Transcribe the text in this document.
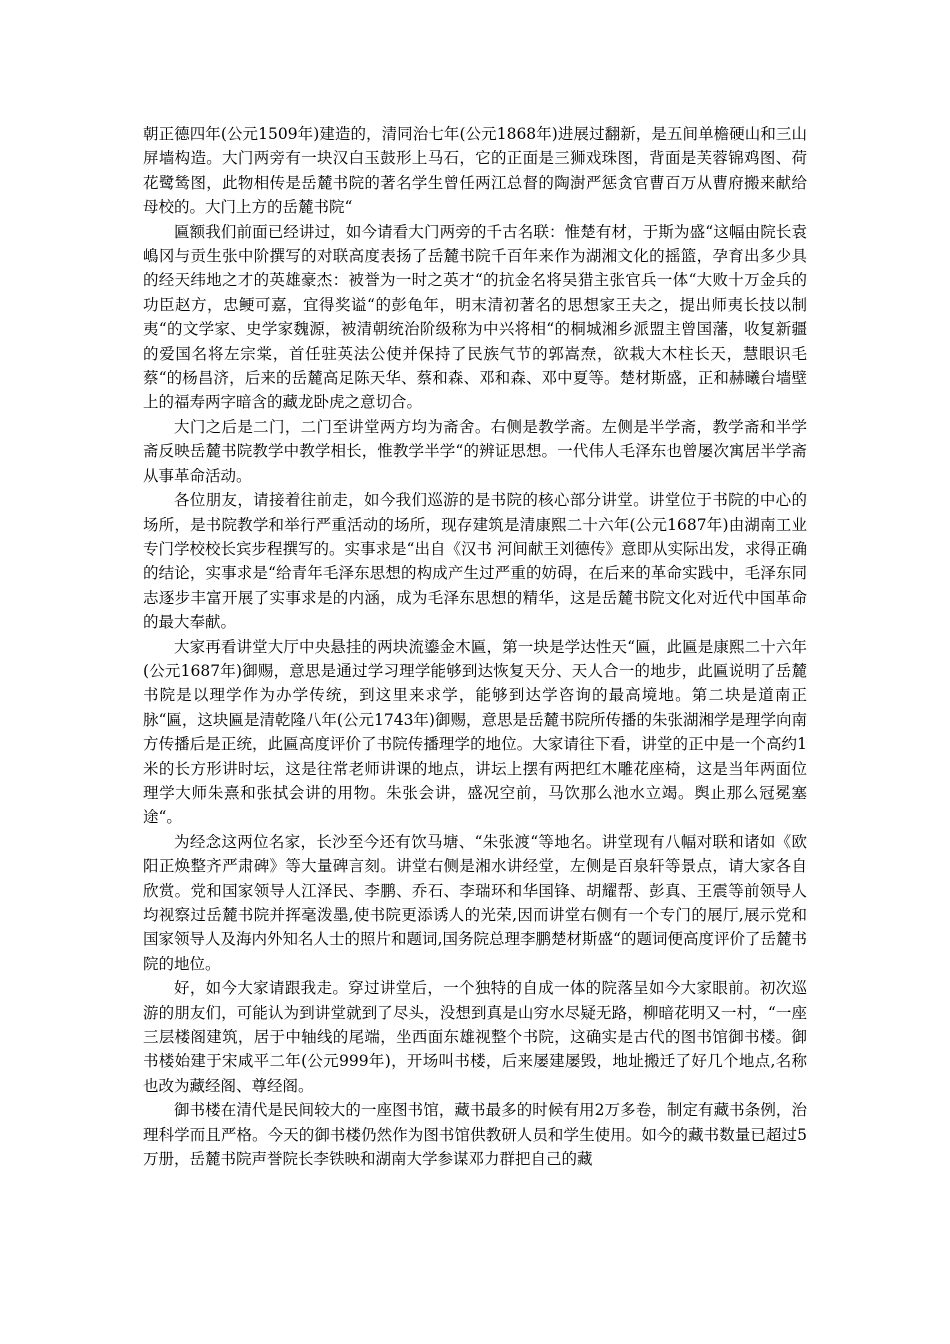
朝正德四年(公元1509年)建造的，清同治七年(公元1868年)进展过翻新，是五间单檐硬山和三山屏墙构造。大门两旁有一块汉白玉鼓形上马石，它的正面是三狮戏珠图，背面是芙蓉锦鸡图、荷花鹭鸶图，此物相传是岳麓书院的著名学生曾任两江总督的陶澍严惩贪官曹百万从曹府搬来献给母校的。大门上方的岳麓书院“

匾额我们前面已经讲过，如今请看大门两旁的千古名联：惟楚有材，于斯为盛“这幅由院长袁嶋冈与贡生张中阶撰写的对联高度表扬了岳麓书院千百年来作为湖湘文化的摇篮，孕育出多少具的经天纬地之才的英雄豪杰：被誉为一时之英才“的抗金名将吴猎主张官兵一体“大败十万金兵的功臣赵方，忠鲠可嘉，宜得奖谥“的彭龟年，明末清初著名的思想家王夫之，提出师夷长技以制夷“的文学家、史学家魏源，被清朝统治阶级称为中兴将相“的桐城湘乡派盟主曾国藩，收复新疆的爱国名将左宗棠，首任驻英法公使并保持了民族气节的郭嵩焘，欲栽大木柱长天，慧眼识毛蔡“的杨昌济，后来的岳麓高足陈天华、蔡和森、邓和森、邓中夏等。楚材斯盛，正和赫曦台墙壁上的福寿两字暗含的藏龙卧虎之意切合。

大门之后是二门，二门至讲堂两方均为斋舍。右侧是教学斋。左侧是半学斋，教学斋和半学斋反映岳麓书院教学中教学相长，惟教学半学“的辨证思想。一代伟人毛泽东也曾屡次寓居半学斋从事革命活动。

各位朋友，请接着往前走，如今我们巡游的是书院的核心部分讲堂。讲堂位于书院的中心的场所，是书院教学和举行严重活动的场所，现存建筑是清康熙二十六年(公元1687年)由湖南工业专门学校校长宾步程撰写的。实事求是“出自《汉书 河间献王刘德传》意即从实际出发，求得正确的结论，实事求是“给青年毛泽东思想的构成产生过严重的妨碍，在后来的革命实践中，毛泽东同志逐步丰富开展了实事求是的内涵，成为毛泽东思想的精华，这是岳麓书院文化对近代中国革命的最大奉献。

大家再看讲堂大厅中央悬挂的两块流鎏金木匾，第一块是学达性天“匾，此匾是康熙二十六年(公元1687年)御赐，意思是通过学习理学能够到达恢复天分、天人合一的地步，此匾说明了岳麓书院是以理学作为办学传统，到这里来求学，能够到达学咨询的最高境地。第二块是道南正脉“匾，这块匾是清乾隆八年(公元1743年)御赐，意思是岳麓书院所传播的朱张湖湘学是理学向南方传播后是正统，此匾高度评价了书院传播理学的地位。大家请往下看，讲堂的正中是一个高约1米的长方形讲时坛，这是往常老师讲课的地点，讲坛上摆有两把红木雕花座椅，这是当年两面位理学大师朱熹和张拭会讲的用物。朱张会讲，盛况空前，马饮那么池水立竭。舆止那么冠冕塞途“。

为经念这两位名家，长沙至今还有饮马塘、“朱张渡“等地名。讲堂现有八幅对联和诸如《欧阳正焕整齐严肃碑》等大量碑言刻。讲堂右侧是湘水讲经堂，左侧是百泉轩等景点，请大家各自欣赏。党和国家领导人江泽民、李鹏、乔石、李瑞环和华国锋、胡耀帮、彭真、王震等前领导人均视察过岳麓书院并挥毫泼墨,使书院更添诱人的光荣,因而讲堂右侧有一个专门的展厅,展示党和国家领导人及海内外知名人士的照片和题词,国务院总理李鹏楚材斯盛“的题词便高度评价了岳麓书院的地位。

好，如今大家请跟我走。穿过讲堂后，一个独特的自成一体的院落呈如今大家眼前。初次巡游的朋友们，可能认为到讲堂就到了尽头，没想到真是山穷水尽疑无路，柳暗花明又一村，“一座三层楼阁建筑，居于中轴线的尾端，坐西面东雄视整个书院，这确实是古代的图书馆御书楼。御书楼始建于宋咸平二年(公元999年)，开场叫书楼，后来屡建屡毁，地址搬迁了好几个地点,名称也改为藏经阁、尊经阁。

御书楼在清代是民间较大的一座图书馆，藏书最多的时候有用2万多卷，制定有藏书条例，治理科学而且严格。今天的御书楼仍然作为图书馆供教研人员和学生使用。如今的藏书数量已超过5万册，岳麓书院声誉院长李铁映和湖南大学参谋邓力群把自己的藏
